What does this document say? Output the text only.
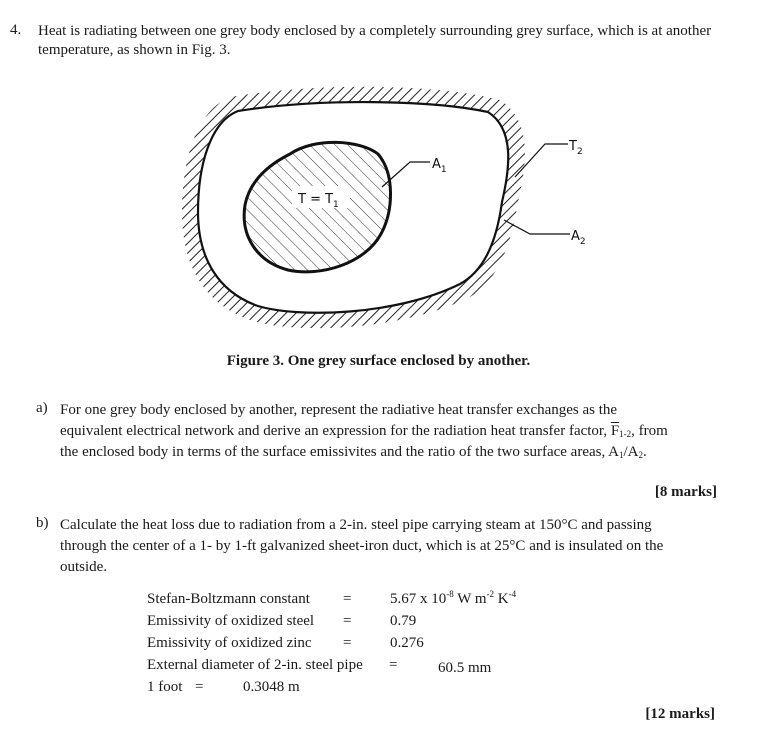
4. Heat is radiating between one grey body enclosed by a completely surrounding grey surface, which is at another temperature, as shown in Fig. 3.
$T = T_1$
$A_1$
$T_2$
$A_2$
Figure 3. One grey surface enclosed by another.
a) For one grey body enclosed by another, represent the radiative heat transfer exchanges as the
equivalent electrical network and derive an expression for the radiation heat transfer factor, $\overline{F}_{1-2}$, from
the enclosed body in terms of the surface emissivites and the ratio of the two surface areas, $A_1/A_2$.
[8 marks]
b) Calculate the heat loss due to radiation from a 2-in. steel pipe carrying steam at 150°C and passing
through the center of a 1- by 1-ft galvanized sheet-iron duct, which is at 25°C and is insulated on the
outside.
Stefan-Boltzmann constant =	5.67 x $10^{-8}$ W $m^{-2}$ $K^{-4}$
Emissivity of oxidized steel =	0.79
Emissivity of oxidized zinc =	0.276
External diameter of 2-in. steel pipe =	60.5 mm
1 foot =	0.3048 m
[12 marks]
